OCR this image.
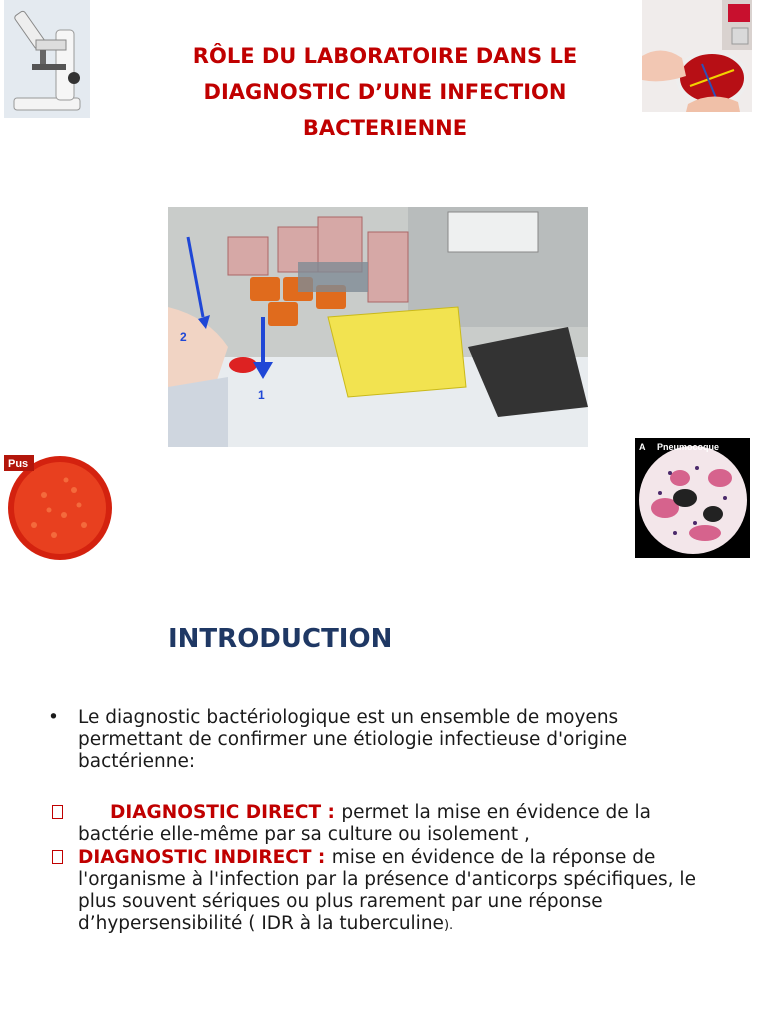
RÔLE DU LABORATOIRE DANS LE
DIAGNOSTIC D’UNE INFECTION
BACTERIENNE
2
1
Pus
A Pneumocoque
INTRODUCTION
• Le diagnostic bactériologique est un ensemble de moyens permettant de confirmer une étiologie infectieuse d'origine bactérienne:
DIAGNOSTIC DIRECT : permet la mise en évidence de la bactérie elle-même par sa culture ou isolement ,
DIAGNOSTIC INDIRECT : mise en évidence de la réponse de l'organisme à l'infection par la présence d'anticorps spécifiques, le plus souvent sériques ou plus rarement par une réponse d’hypersensibilité ( IDR à la tuberculine).
